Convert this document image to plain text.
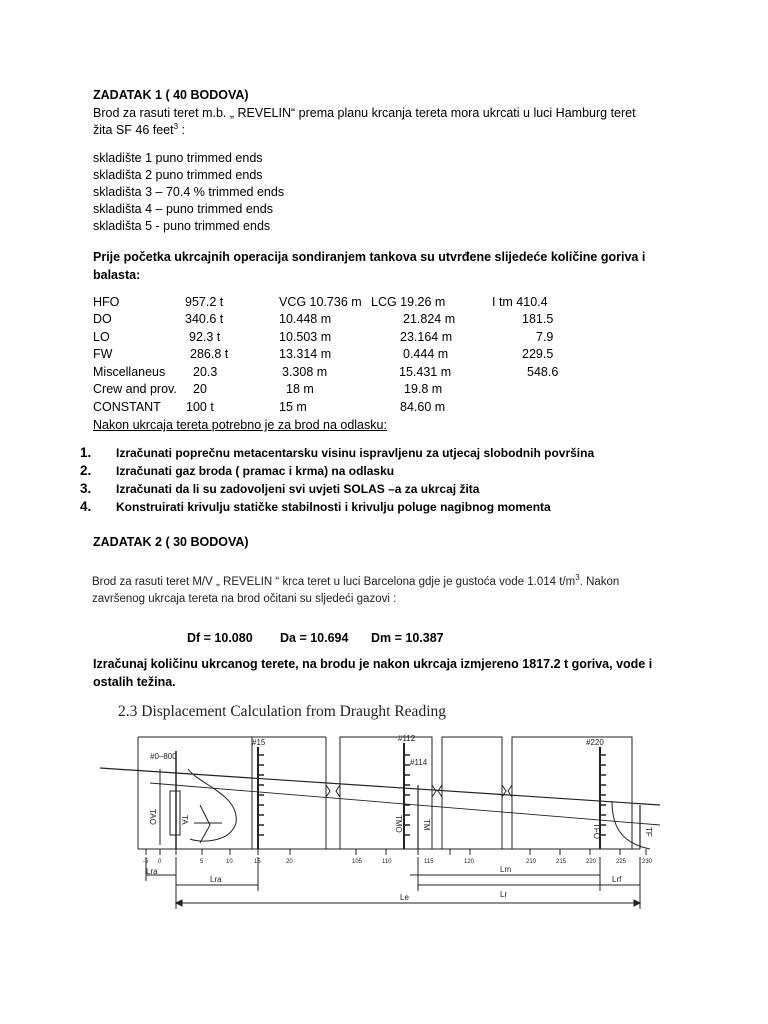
ZADATAK 1 ( 40 BODOVA)
Brod za rasuti teret m.b. „ REVELIN“ prema planu krcanja tereta mora ukrcati u luci Hamburg teret
žita SF 46 feet$^3$ :
skladište 1 puno trimmed ends
skladišta 2 puno trimmed ends
skladišta 3 – 70.4 % trimmed ends
skladišta 4 – puno trimmed ends
skladišta 5 - puno trimmed ends
Prije početka ukrcajnih operacija sondiranjem tankova su utvrđene slijedeće količine goriva i
balasta:
HFO	957.2 t	VCG 10.736 m LCG 19.26 m	I tm 410.4
DO	340.6 t	10.448 m	21.824 m	181.5
LO	92.3 t	10.503 m	23.164 m	7.9
FW	286.8 t	13.314 m	0.444 m	229.5
Miscellaneus 20.3	3.308 m	15.431 m	548.6
Crew and prov. 20	18 m	19.8 m
CONSTANT 100 t	15 m	84.60 m
Nakon ukrcaja tereta potrebno je za brod na odlasku:
1. Izračunati poprečnu metacentarsku visinu ispravljenu za utjecaj slobodnih površina
2. Izračunati gaz broda ( pramac i krma) na odlasku
3. Izračunati da li su zadovoljeni svi uvjeti SOLAS –a za ukrcaj žita
4. Konstruirati krivulju statičke stabilnosti i krivulju poluge nagibnog momenta
ZADATAK 2 ( 30 BODOVA)
Brod za rasuti teret M/V „ REVELIN “ krca teret u luci Barcelona gdje je gustoća vode 1.014 $t/m^3$. Nakon
završenog ukrcaja tereta na brod očitani su sljedeći gazovi :
Df = 10.080 Da = 10.694 Dm = 10.387
Izračunaj količinu ukrcanog terete, na brodu je nakon ukrcaja izmjereno 1817.2 t goriva, vode i
ostalih težina.
2.3 Displacement Calculation from Draught Reading
#0–800
#15	#112
#114
#220
TAO	TA	TMO TM	TFO	TF
Lra
Lra
Lm
Lr
Lrf
Le
-5 0	5	10	15	20	105	110	115	120	210	215	220	225	230
